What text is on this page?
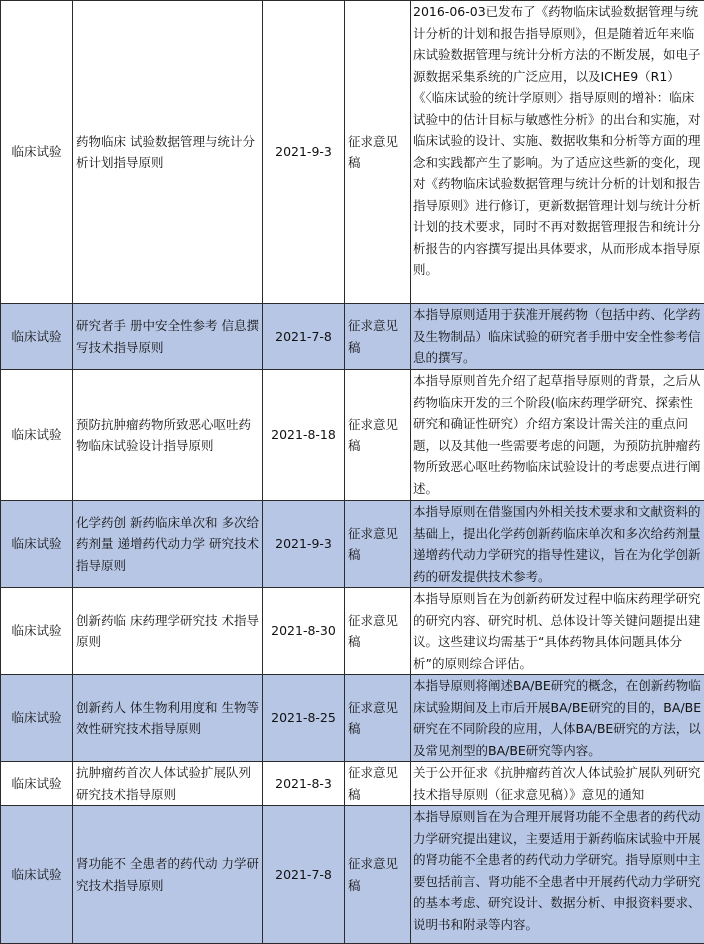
临床试验	药物临床 试验数据管理与统计分析计划指导原则	2021-9-3	征求意见稿	2016-06-03已发布了《药物临床试验数据管理与统计分析的计划和报告指导原则》，但是随着近年来临床试验数据管理与统计分析方法的不断发展，如电子源数据采集系统的广泛应用，以及ICHE9（R1）《〈临床试验的统计学原则〉指导原则的增补：临床试验中的估计目标与敏感性分析》的出台和实施，对临床试验的设计、实施、数据收集和分析等方面的理念和实践都产生了影响。为了适应这些新的变化，现对《药物临床试验数据管理与统计分析的计划和报告指导原则》进行修订，更新数据管理计划与统计分析计划的技术要求，同时不再对数据管理报告和统计分析报告的内容撰写提出具体要求，从而形成本指导原则。
临床试验	研究者手 册中安全性参考 信息撰写技术指导原则	2021-7-8	征求意见稿	本指导原则适用于获准开展药物（包括中药、化学药及生物制品）临床试验的研究者手册中安全性参考信息的撰写。
临床试验	预防抗肿瘤药物所致恶心呕吐药物临床试验设计指导原则	2021-8-18	征求意见稿	本指导原则首先介绍了起草指导原则的背景，之后从药物临床开发的三个阶段(临床药理学研究、探索性研究和确证性研究）介绍方案设计需关注的重点问题，以及其他一些需要考虑的问题，为预防抗肿瘤药物所致恶心呕吐药物临床试验设计的考虑要点进行阐述。
临床试验	化学药创 新药临床单次和 多次给药剂量 递增药代动力学 研究技术指导原则	2021-9-3	征求意见稿	本指导原则在借鉴国内外相关技术要求和文献资料的基础上，提出化学药创新药临床单次和多次给药剂量递增药代动力学研究的指导性建议，旨在为化学创新药的研发提供技术参考。
临床试验	创新药临 床药理学研究技 术指导原则	2021-8-30	征求意见稿	本指导原则旨在为创新药研发过程中临床药理学研究的研究内容、研究时机、总体设计等关键问题提出建议。这些建议均需基于“具体药物具体问题具体分析”的原则综合评估。
临床试验	创新药人 体生物利用度和 生物等效性研究技术指导原则	2021-8-25	征求意见稿	本指导原则将阐述BA/BE研究的概念，在创新药物临床试验期间及上市后开展BA/BE研究的目的，BA/BE研究在不同阶段的应用，人体BA/BE研究的方法，以及常见剂型的BA/BE研究等内容。
临床试验	抗肿瘤药首次人体试验扩展队列研究技术指导原则	2021-8-3	征求意见稿	关于公开征求《抗肿瘤药首次人体试验扩展队列研究技术指导原则（征求意见稿）》意见的通知
临床试验	肾功能不 全患者的药代动 力学研究技术指导原则	2021-7-8	征求意见稿	本指导原则旨在为合理开展肾功能不全患者的药代动力学研究提出建议，主要适用于新药临床试验中开展的肾功能不全患者的药代动力学研究。指导原则中主要包括前言、肾功能不全患者中开展药代动力学研究的基本考虑、研究设计、数据分析、申报资料要求、说明书和附录等内容。
